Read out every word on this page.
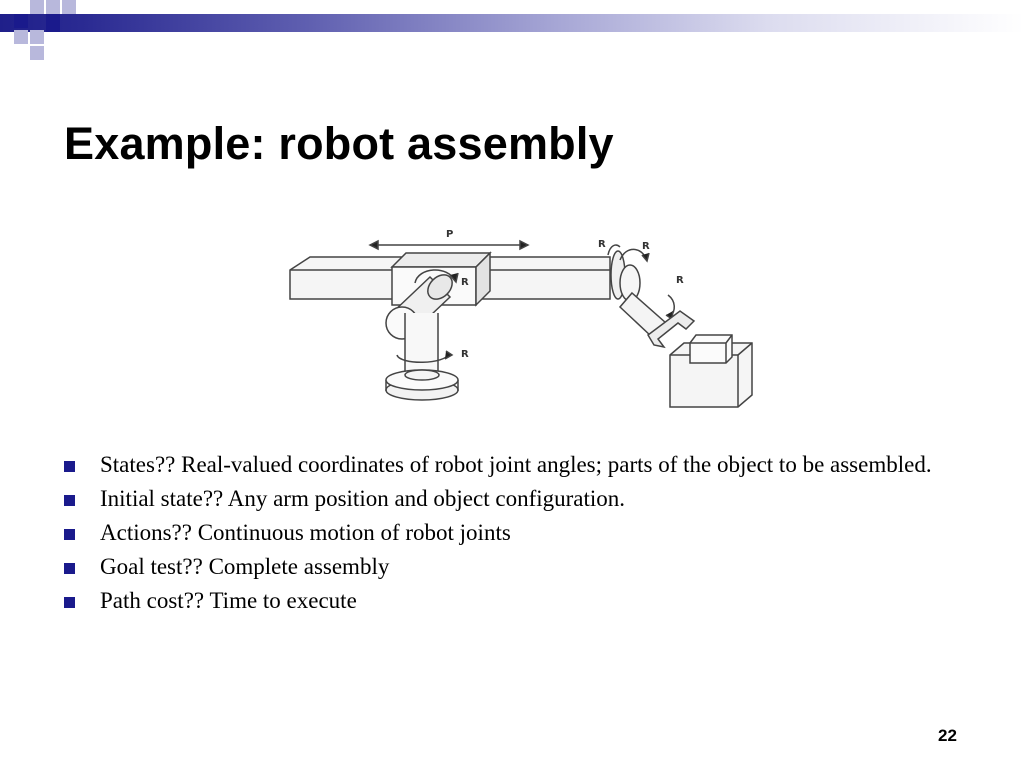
Example: robot assembly
P
R
R
R	R
R
States?? Real-valued coordinates of robot joint angles; parts of the object to be assembled.
Initial state?? Any arm position and object configuration.
Actions?? Continuous motion of robot joints
Goal test?? Complete assembly
Path cost?? Time to execute
22
